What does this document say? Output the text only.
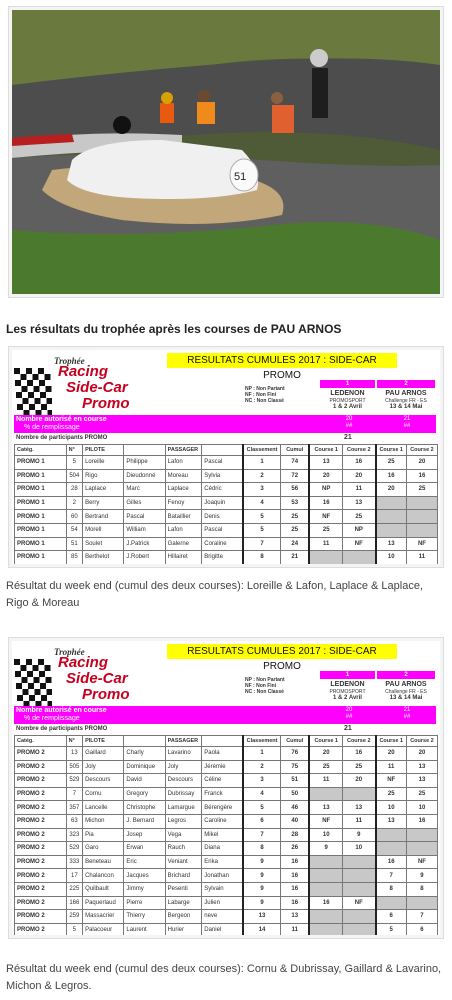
51
Les résultats du trophée après les courses de PAU ARNOS
Trophée
Racing
Side-Car
Promo
RESULTATS CUMULES 2017 : SIDE-CAR PROMO
NP : Non Partant
NF : Non Fini
NC : Non Classé
1
LEDENON
PROMOSPORT
1 & 2 Avril
2
PAU ARNOS
Challenge FR - ES
13 & 14 Mai
Nombre autorisé en course
% de remplissage
20
##
21
##
Nombre de participants PROMO	21
Catég.	N°	PILOTE		PASSAGER		Classement	Cumul	Course 1	Course 2	Course 1	Course 2
PROMO 1	5	Loreille	Philippe	Lafon	Pascal	1	74	13	16	25	20
PROMO 1	504	Rigo	Dieudonné	Moreau	Sylvia	2	72	20	20	16	16
PROMO 1	28	Laplace	Marc	Laplace	Cédric	3	56	NP	11	20	25
PROMO 1	2	Berry	Gilles	Fenoy	Joaquin	4	53	16	13		
PROMO 1	60	Bertrand	Pascal	Bataillier	Denis	5	25	NF	25		
PROMO 1	54	Morell	William	Lafon	Pascal	5	25	25	NP		
PROMO 1	51	Soulet	J.Patrick	Galerne	Coraline	7	24	11	NF	13	NF
PROMO 1	85	Berthelot	J.Robert	Hillairet	Brigitte	8	21			10	11
Résultat du week end (cumul des deux courses): Loreille & Lafon, Laplace & Laplace, Rigo & Moreau
Trophée
Racing
Side-Car
Promo
RESULTATS CUMULES 2017 : SIDE-CAR PROMO
NP : Non Partant
NF : Non Fini
NC : Non Classé
1
LEDENON
PROMOSPORT
1 & 2 Avril
2
PAU ARNOS
Challenge FR - ES
13 & 14 Mai
Nombre autorisé en course
% de remplissage
20
##
21
##
Nombre de participants PROMO	21
Catég.	N°	PILOTE		PASSAGER		Classement	Cumul	Course 1	Course 2	Course 1	Course 2
PROMO 2	13	Gaillard	Charly	Lavarino	Paola	1	76	20	16	20	20
PROMO 2	505	Joly	Dominique	Joly	Jérémie	2	75	25	25	11	13
PROMO 2	529	Descours	David	Descours	Céline	3	51	11	20	NF	13
PROMO 2	7	Cornu	Gregory	Dubrissay	Franck	4	50			25	25
PROMO 2	357	Lancelle	Christophe	Lamargue	Bérengère	5	46	13	13	10	10
PROMO 2	63	Michon	J. Bernard	Legros	Caroline	6	40	NF	11	13	16
PROMO 2	323	Pia	Josep	Vega	Mikel	7	28	10	9		
PROMO 2	529	Garo	Erwan	Rauch	Diana	8	26	9	10		
PROMO 2	333	Beneteau	Eric	Veniant	Erika	9	16			16	NF
PROMO 2	17	Chalancon	Jacques	Brichard	Jonathan	9	16			7	9
PROMO 2	225	Quilbault	Jimmy	Pesenti	Sylvain	9	16			8	8
PROMO 2	166	Paquerlaud	Pierre	Labarge	Julien	9	16	16	NF		
PROMO 2	259	Massacrier	Thierry	Bergeon	neve	13	13			6	7
PROMO 2	5	Palacoeur	Laurent	Hurier	Daniel	14	11			5	6
Résultat du week end (cumul des deux courses): Cornu & Dubrissay, Gaillard & Lavarino, Michon & Legros.
